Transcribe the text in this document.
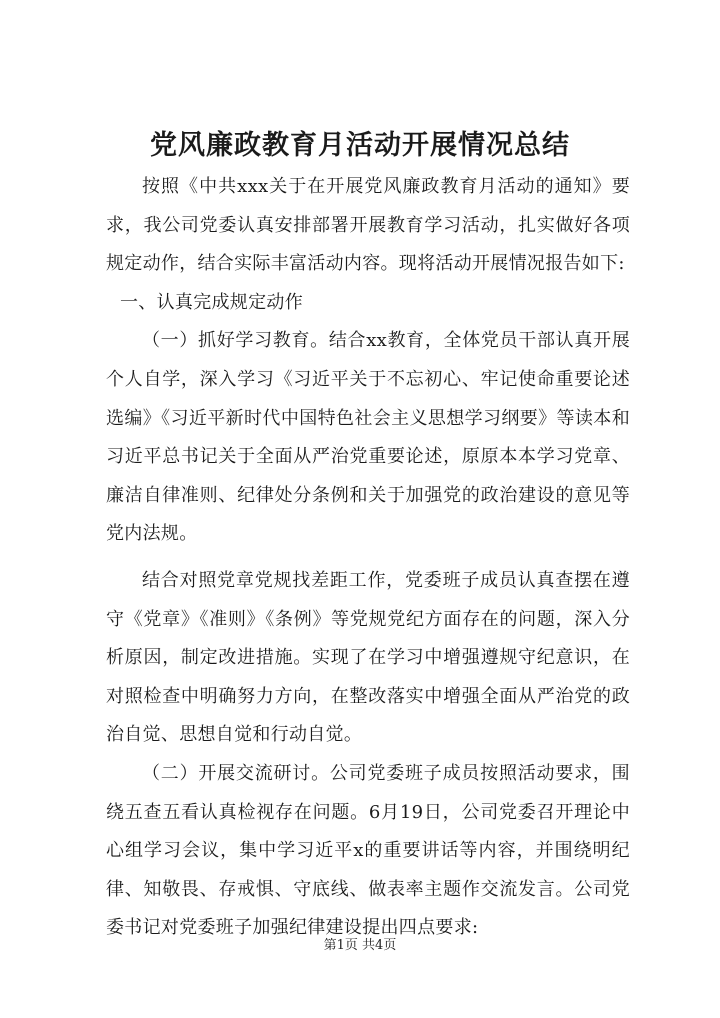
党风廉政教育月活动开展情况总结

按照《中共xxx关于在开展党风廉政教育月活动的通知》要求，我公司党委认真安排部署开展教育学习活动，扎实做好各项规定动作，结合实际丰富活动内容。现将活动开展情况报告如下:

一、认真完成规定动作

（一）抓好学习教育。结合xx教育，全体党员干部认真开展个人自学，深入学习《习近平关于不忘初心、牢记使命重要论述选编》《习近平新时代中国特色社会主义思想学习纲要》等读本和习近平总书记关于全面从严治党重要论述，原原本本学习党章、廉洁自律准则、纪律处分条例和关于加强党的政治建设的意见等党内法规。

结合对照党章党规找差距工作，党委班子成员认真查摆在遵守《党章》《准则》《条例》等党规党纪方面存在的问题，深入分析原因，制定改进措施。实现了在学习中增强遵规守纪意识，在对照检查中明确努力方向，在整改落实中增强全面从严治党的政治自觉、思想自觉和行动自觉。

（二）开展交流研讨。公司党委班子成员按照活动要求，围绕五查五看认真检视存在问题。6月19日，公司党委召开理论中心组学习会议，集中学习近平x的重要讲话等内容，并围绕明纪律、知敬畏、存戒惧、守底线、做表率主题作交流发言。公司党委书记对党委班子加强纪律建设提出四点要求:

第1页 共4页
